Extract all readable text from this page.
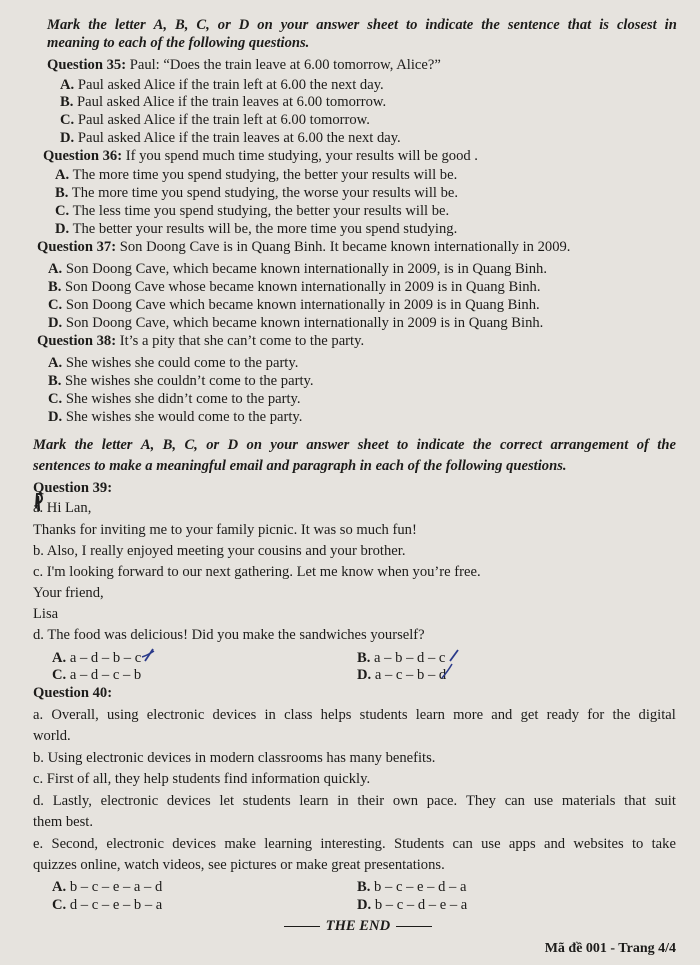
Mark the letter A, B, C, or D on your answer sheet to indicate the sentence that is closest in
meaning to each of the following questions.
Question 35: Paul: “Does the train leave at 6.00 tomorrow, Alice?”
A. Paul asked Alice if the train left at 6.00 the next day.
B. Paul asked Alice if the train leaves at 6.00 tomorrow.
C. Paul asked Alice if the train left at 6.00 tomorrow.
D. Paul asked Alice if the train leaves at 6.00 the next day.
Question 36: If you spend much time studying, your results will be good .
A. The more time you spend studying, the better your results will be.
B. The more time you spend studying, the worse your results will be.
C. The less time you spend studying, the better your results will be.
D. The better your results will be, the more time you spend studying.
Question 37: Son Doong Cave is in Quang Binh. It became known internationally in 2009.
A. Son Doong Cave, which became known internationally in 2009, is in Quang Binh.
B. Son Doong Cave whose became known internationally in 2009 is in Quang Binh.
C. Son Doong Cave which became known internationally in 2009 is in Quang Binh.
D. Son Doong Cave, which became known internationally in 2009 is in Quang Binh.
Question 38: It’s a pity that she can’t come to the party.
A. She wishes she could come to the party.
B. She wishes she couldn’t come to the party.
C. She wishes she didn’t come to the party.
D. She wishes she would come to the party.
Mark the letter A, B, C, or D on your answer sheet to indicate the correct arrangement of the
sentences to make a meaningful email and paragraph in each of the following questions.
Question 39:
a. Hi Lan,
Thanks for inviting me to your family picnic. It was so much fun!
b. Also, I really enjoyed meeting your cousins and your brother.
c. I'm looking forward to our next gathering. Let me know when you’re free.
Your friend,
Lisa
d. The food was delicious! Did you make the sandwiches yourself?
A. a – d – b – c	B. a – b – d – c
C. a – d – c – b	D. a – c – b – d
Question 40:
a. Overall, using electronic devices in class helps students learn more and get ready for the digital
world.
b. Using electronic devices in modern classrooms has many benefits.
c. First of all, they help students find information quickly.
d. Lastly, electronic devices let students learn in their own pace. They can use materials that suit
them best.
e. Second, electronic devices make learning interesting. Students can use apps and websites to take
quizzes online, watch videos, see pictures or make great presentations.
A. b – c – e – a – d	B. b – c – e – d – a
C. d – c – e – b – a	D. b – c – d – e – a
THE END
Mã đề 001 - Trang 4/4
